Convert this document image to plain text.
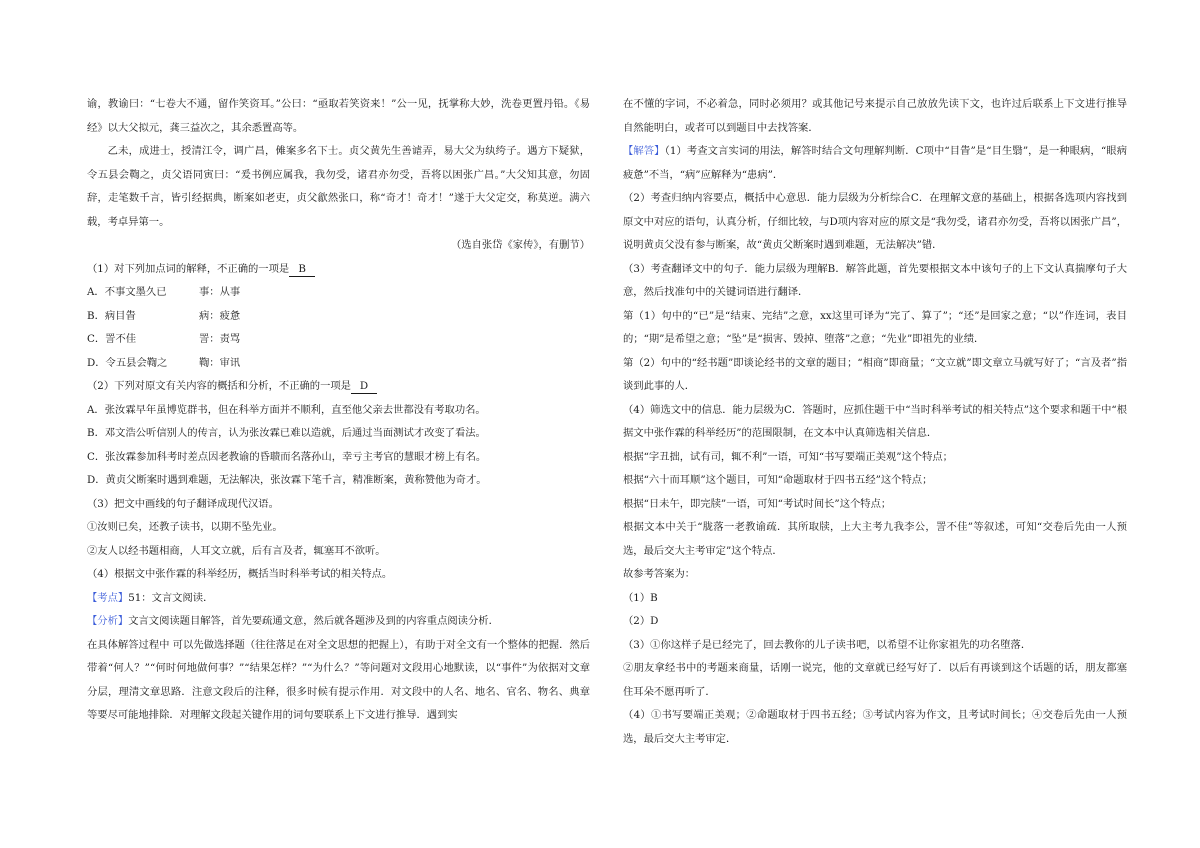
谕，教谕曰：“七卷大不通，留作笑资耳。”公曰：“亟取若笑资来！”公一见，抚掌称大妙，洗卷更置丹铅。《易经》以大父拟元，龚三益次之，其余悉置高等。

乙未，成进士，授清江令，调广昌，傩案多名下士。贞父黄先生善谑弄，易大父为纨绔子。遇方下疑狱，令五县会鞫之，贞父语同寅曰：“爰书例应属我，我勿受，诸君亦勿受，吾将以困张广昌。”大父知其意，勿固辞，走笔数千言，皆引经据典，断案如老吏，贞父歙然张口，称“奇才！奇才！”遂于大父定交，称莫逆。满六载，考卓异第一。

（选自张岱《家传》，有删节）

（1）对下列加点词的解释，不正确的一项是 B

A．不事文墨久已	事：从事

B．病目眚	病：疲惫

C．詈不佳	詈：责骂

D．令五县会鞫之	鞫：审讯

（2）下列对原文有关内容的概括和分析，不正确的一项是 D

A．张汝霖早年虽博览群书，但在科举方面并不顺利，直至他父亲去世都没有考取功名。

B．邓文浩公听信别人的传言，认为张汝霖已难以造就，后通过当面测试才改变了看法。

C．张汝霖参加科考时差点因老教谕的昏聩而名落孙山，幸亏主考官的慧眼才榜上有名。

D．黄贞父断案时遇到难题，无法解决，张汝霖下笔千言，精准断案，黄称赞他为奇才。

（3）把文中画线的句子翻译成现代汉语。

①汝则已矣，还教子读书，以期不坠先业。

②友人以经书题相商，人耳文立就，后有言及者，辄塞耳不欲听。

（4）根据文中张作霖的科举经历，概括当时科举考试的相关特点。

【考点】51：文言文阅读．

【分析】文言文阅读题目解答，首先要疏通文意，然后就各题涉及到的内容重点阅读分析．

在具体解答过程中 可以先做选择题（往往落足在对全文思想的把握上），有助于对全文有一个整体的把握．然后带着“何人？”“何时何地做何事？”“结果怎样？”“为什么？”等问题对文段用心地默读，以“事件”为依据对文章分层，理清文章思路．注意文段后的注释，很多时候有提示作用．对文段中的人名、地名、官名、物名、典章等要尽可能地排除．对理解文段起关键作用的词句要联系上下文进行推导．遇到实

在不懂的字词，不必着急，同时必须用？或其他记号来提示自己放放先读下文，也许过后联系上下文进行推导自然能明白，或者可以到题目中去找答案．

【解答】（1）考查文言实词的用法，解答时结合文句理解判断．C项中“目眚”是“目生翳”，是一种眼病，“眼病疲惫”不当，“病”应解释为“患病”．

（2）考查归纳内容要点，概括中心意思．能力层级为分析综合C．在理解文意的基础上，根据各选项内容找到原文中对应的语句，认真分析，仔细比较，与D项内容对应的原文是“我勿受，诸君亦勿受，吾将以困张广昌”，说明黄贞父没有参与断案，故“黄贞父断案时遇到难题，无法解决”错．

（3）考查翻译文中的句子．能力层级为理解B．解答此题，首先要根据文本中该句子的上下文认真揣摩句子大意，然后找准句中的关键词语进行翻译．

第（1）句中的“已”是“结束、完结”之意，xx这里可译为“完了、算了”；“还”是回家之意；“以”作连词，表目的；“期”是希望之意；“坠”是“损害、毁掉、堕落”之意；“先业”即祖先的业绩．

第（2）句中的“经书题”即谈论经书的文章的题目；“相商”即商量；“文立就”即文章立马就写好了；“言及者”指谈到此事的人．

（4）筛选文中的信息．能力层级为C．答题时，应抓住题干中“当时科举考试的相关特点”这个要求和题干中“根据文中张作霖的科举经历”的范围限制，在文本中认真筛选相关信息．

根据“字丑拙，试有司，辄不利”一语，可知“书写要端正美观”这个特点；

根据“六十而耳顺”这个题目，可知“命题取材于四书五经”这个特点；

根据“日未午，即完牍”一语，可知“考试时间长”这个特点；

根据文本中关于“胧落一老教谕疏．其所取牍，上大主考九我李公，詈不佳”等叙述，可知“交卷后先由一人预选，最后交大主考审定”这个特点．

故参考答案为：

（1）B

（2）D

（3）①你这样子是已经完了，回去教你的儿子读书吧，以希望不让你家祖先的功名堕落．

②朋友拿经书中的考题来商量，话刚一说完，他的文章就已经写好了．以后有再谈到这个话题的话，朋友都塞住耳朵不愿再听了．

（4）①书写要端正美观；②命题取材于四书五经；③考试内容为作文，且考试时间长；④交卷后先由一人预选，最后交大主考审定．
